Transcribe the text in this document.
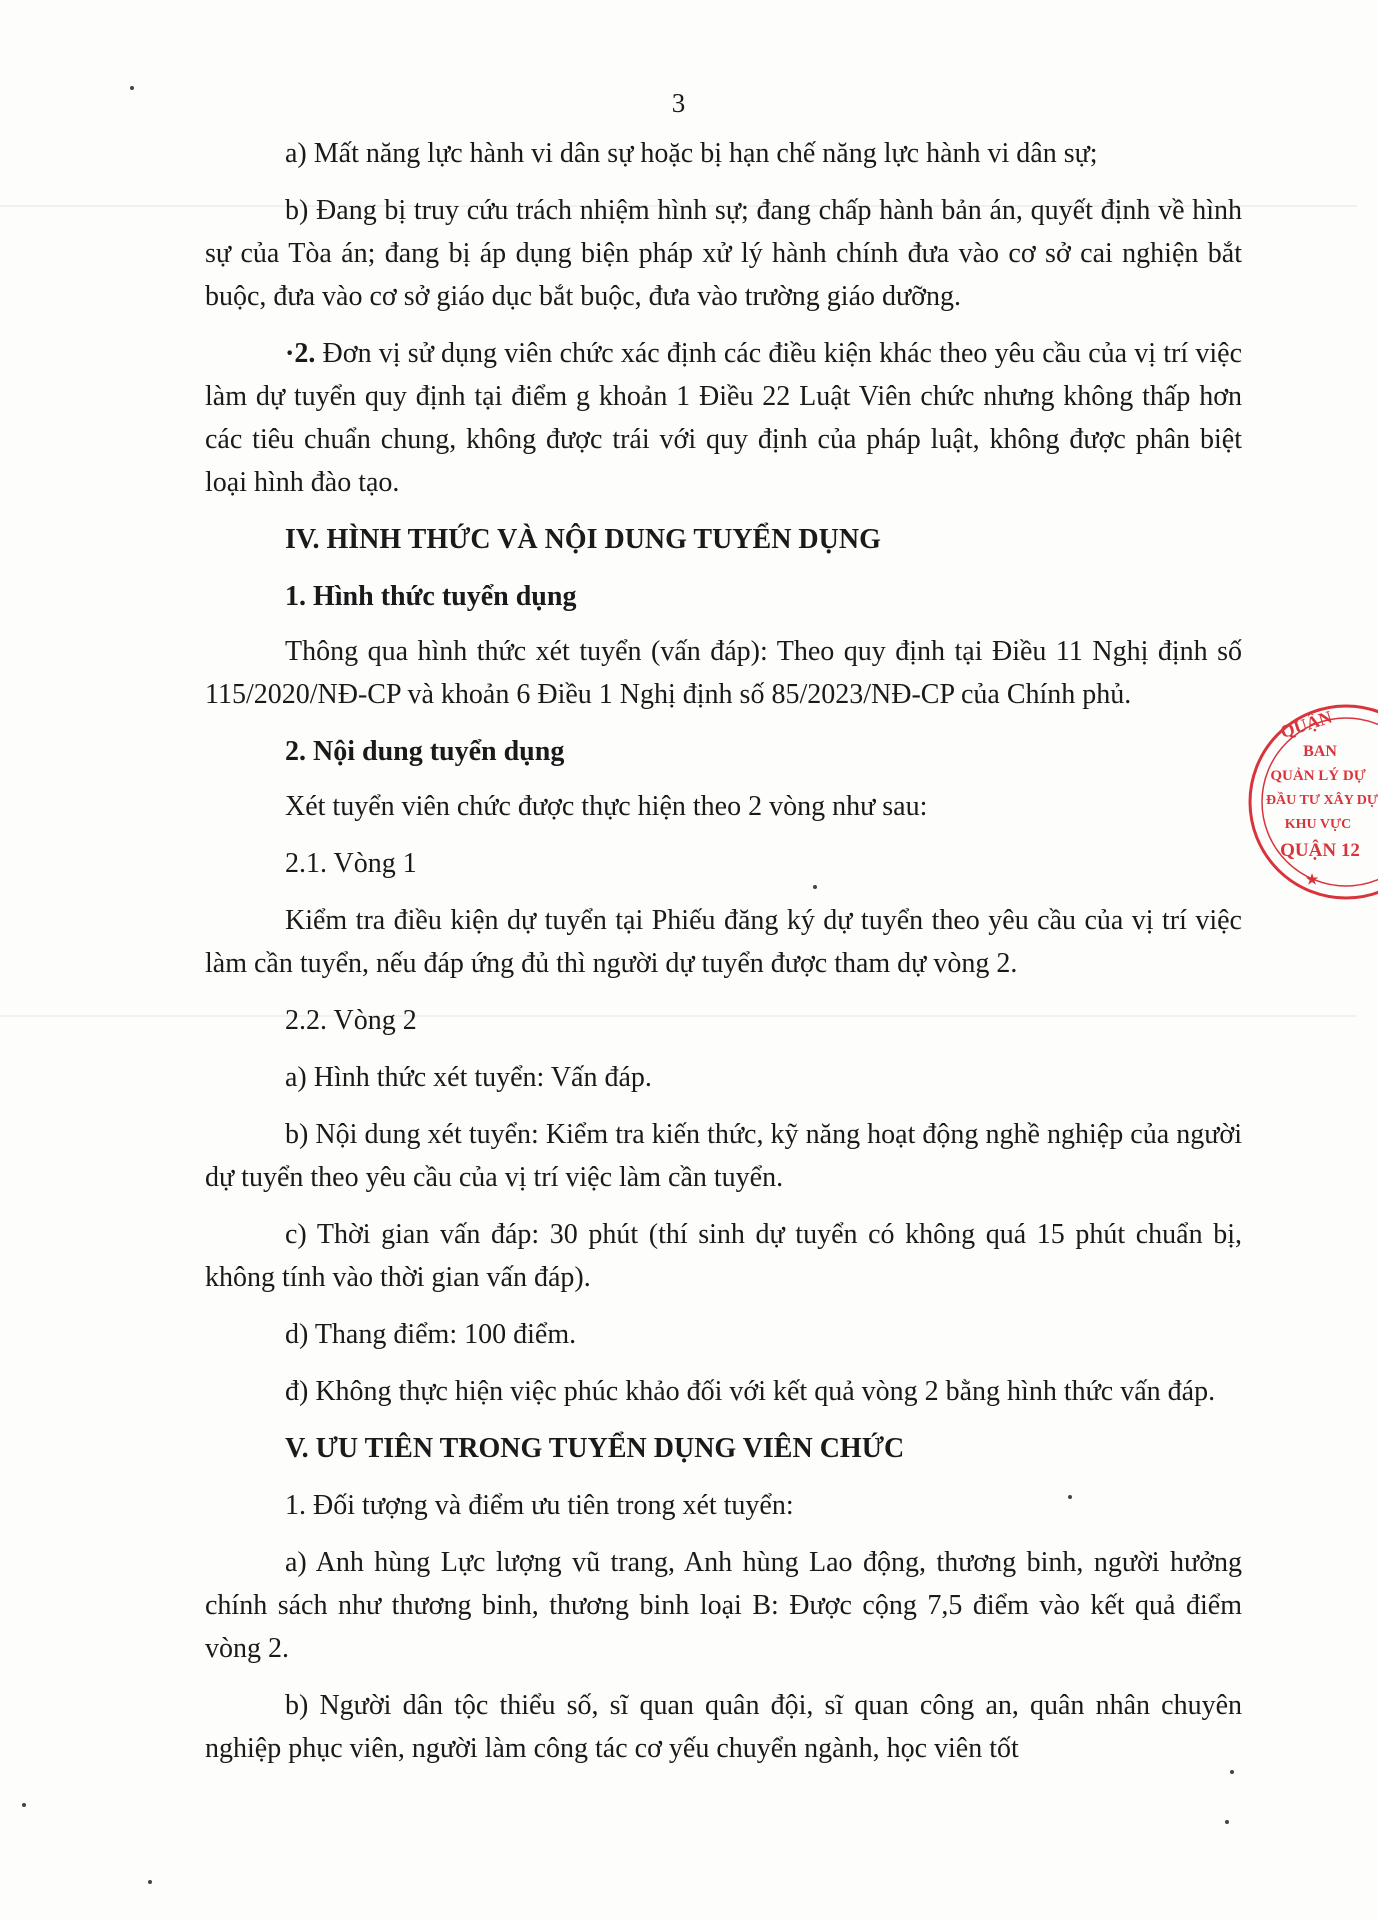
3

a) Mất năng lực hành vi dân sự hoặc bị hạn chế năng lực hành vi dân sự;

b) Đang bị truy cứu trách nhiệm hình sự; đang chấp hành bản án, quyết định về hình sự của Tòa án; đang bị áp dụng biện pháp xử lý hành chính đưa vào cơ sở cai nghiện bắt buộc, đưa vào cơ sở giáo dục bắt buộc, đưa vào trường giáo dưỡng.

·2. Đơn vị sử dụng viên chức xác định các điều kiện khác theo yêu cầu của vị trí việc làm dự tuyển quy định tại điểm g khoản 1 Điều 22 Luật Viên chức nhưng không thấp hơn các tiêu chuẩn chung, không được trái với quy định của pháp luật, không được phân biệt loại hình đào tạo.

IV. HÌNH THỨC VÀ NỘI DUNG TUYỂN DỤNG
1. Hình thức tuyển dụng

Thông qua hình thức xét tuyển (vấn đáp): Theo quy định tại Điều 11 Nghị định số 115/2020/NĐ-CP và khoản 6 Điều 1 Nghị định số 85/2023/NĐ-CP của Chính phủ.

2. Nội dung tuyển dụng

Xét tuyển viên chức được thực hiện theo 2 vòng như sau:

2.1. Vòng 1

Kiểm tra điều kiện dự tuyển tại Phiếu đăng ký dự tuyển theo yêu cầu của vị trí việc làm cần tuyển, nếu đáp ứng đủ thì người dự tuyển được tham dự vòng 2.

2.2. Vòng 2

a) Hình thức xét tuyển: Vấn đáp.

b) Nội dung xét tuyển: Kiểm tra kiến thức, kỹ năng hoạt động nghề nghiệp của người dự tuyển theo yêu cầu của vị trí việc làm cần tuyển.

c) Thời gian vấn đáp: 30 phút (thí sinh dự tuyển có không quá 15 phút chuẩn bị, không tính vào thời gian vấn đáp).

d) Thang điểm: 100 điểm.

đ) Không thực hiện việc phúc khảo đối với kết quả vòng 2 bằng hình thức vấn đáp.

V. ƯU TIÊN TRONG TUYỂN DỤNG VIÊN CHỨC

1. Đối tượng và điểm ưu tiên trong xét tuyển:

a) Anh hùng Lực lượng vũ trang, Anh hùng Lao động, thương binh, người hưởng chính sách như thương binh, thương binh loại B: Được cộng 7,5 điểm vào kết quả điểm vòng 2.

b) Người dân tộc thiểu số, sĩ quan quân đội, sĩ quan công an, quân nhân chuyên nghiệp phục viên, người làm công tác cơ yếu chuyển ngành, học viên tốt

QUẬN
BAN
QUẢN LÝ DỰ
ĐẦU TƯ XÂY DỰ
KHU VỰC
QUẬN 12
★
